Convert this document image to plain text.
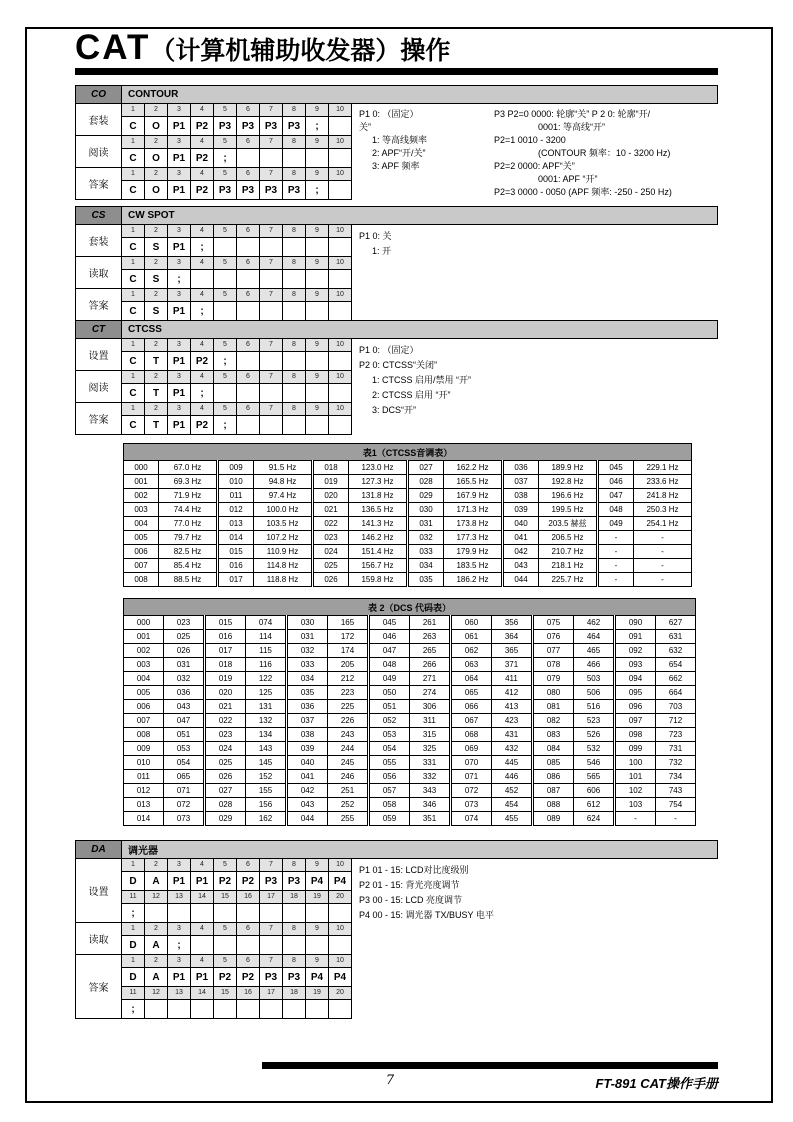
CAT（计算机辅助收发器）操作
CO	CONTOUR
套装	1	2	3	4	5	6	7	8	9	10
	C	O	P1	P2	P3	P3	P3	P3	;	
阅读	1	2	3	4	5	6	7	8	9	10
	C	O	P1	P2	;					
答案	1	2	3	4	5	6	7	8	9	10
	C	O	P1	P2	P3	P3	P3	P3	;	
P1 0: （固定）
关”
1: 等高线频率
2: APF“开/关”
3: APF 频率
P3 P2=0 0000: 轮廓“关” P 2 0: 轮廓“开/
0001: 等高线“开”
P2=1 0010 - 3200
(CONTOUR 频率：10 - 3200 Hz)
P2=2 0000: APF“关”
0001: APF “开”
P2=3 0000 - 0050 (APF 频率: -250 - 250 Hz)
CS	CW SPOT
套装	1	2	3	4	5	6	7	8	9	10
	C	S	P1	;						
读取	1	2	3	4	5	6	7	8	9	10
	C	S	;							
答案	1	2	3	4	5	6	7	8	9	10
	C	S	P1	;						
P1 0: 关
1: 开
CT	CTCSS
设置	1	2	3	4	5	6	7	8	9	10
	C	T	P1	P2	;					
阅读	1	2	3	4	5	6	7	8	9	10
	C	T	P1	;						
答案	1	2	3	4	5	6	7	8	9	10
	C	T	P1	P2	;					
P1 0: （固定）
P2 0: CTCSS“关闭”
1: CTCSS 启用/禁用 “开”
2: CTCSS 启用 “开”
3: DCS“开”
表1（CTCSS音调表）											
000	67.0 Hz	009	91.5 Hz	018	123.0 Hz	027	162.2 Hz	036	189.9 Hz	045	229.1 Hz
001	69.3 Hz	010	94.8 Hz	019	127.3 Hz	028	165.5 Hz	037	192.8 Hz	046	233.6 Hz
002	71.9 Hz	011	97.4 Hz	020	131.8 Hz	029	167.9 Hz	038	196.6 Hz	047	241.8 Hz
003	74.4 Hz	012	100.0 Hz	021	136.5 Hz	030	171.3 Hz	039	199.5 Hz	048	250.3 Hz
004	77.0 Hz	013	103.5 Hz	022	141.3 Hz	031	173.8 Hz	040	203.5 赫兹	049	254.1 Hz
005	79.7 Hz	014	107.2 Hz	023	146.2 Hz	032	177.3 Hz	041	206.5 Hz	-	-
006	82.5 Hz	015	110.9 Hz	024	151.4 Hz	033	179.9 Hz	042	210.7 Hz	-	-
007	85.4 Hz	016	114.8 Hz	025	156.7 Hz	034	183.5 Hz	043	218.1 Hz	-	-
008	88.5 Hz	017	118.8 Hz	026	159.8 Hz	035	186.2 Hz	044	225.7 Hz	-	-
表 2（DCS 代码表）													
000	023	015	074	030	165	045	261	060	356	075	462	090	627
001	025	016	114	031	172	046	263	061	364	076	464	091	631
002	026	017	115	032	174	047	265	062	365	077	465	092	632
003	031	018	116	033	205	048	266	063	371	078	466	093	654
004	032	019	122	034	212	049	271	064	411	079	503	094	662
005	036	020	125	035	223	050	274	065	412	080	506	095	664
006	043	021	131	036	225	051	306	066	413	081	516	096	703
007	047	022	132	037	226	052	311	067	423	082	523	097	712
008	051	023	134	038	243	053	315	068	431	083	526	098	723
009	053	024	143	039	244	054	325	069	432	084	532	099	731
010	054	025	145	040	245	055	331	070	445	085	546	100	732
011	065	026	152	041	246	056	332	071	446	086	565	101	734
012	071	027	155	042	251	057	343	072	452	087	606	102	743
013	072	028	156	043	252	058	346	073	454	088	612	103	754
014	073	029	162	044	255	059	351	074	455	089	624	-	-
DA	调光器
设置	1	2	3	4	5	6	7	8	9	10
	D	A	P1	P1	P2	P2	P3	P3	P4	P4
	11	12	13	14	15	16	17	18	19	20
	;									
读取	1	2	3	4	5	6	7	8	9	10
	D	A	;							
答案	1	2	3	4	5	6	7	8	9	10
	D	A	P1	P1	P2	P2	P3	P3	P4	P4
	11	12	13	14	15	16	17	18	19	20
	;									
P1 01 - 15: LCD对比度级别
P2 01 - 15: 背光亮度调节
P3 00 - 15: LCD 亮度调节
P4 00 - 15: 调光器 TX/BUSY 电平
7	FT-891 CAT操作手册
